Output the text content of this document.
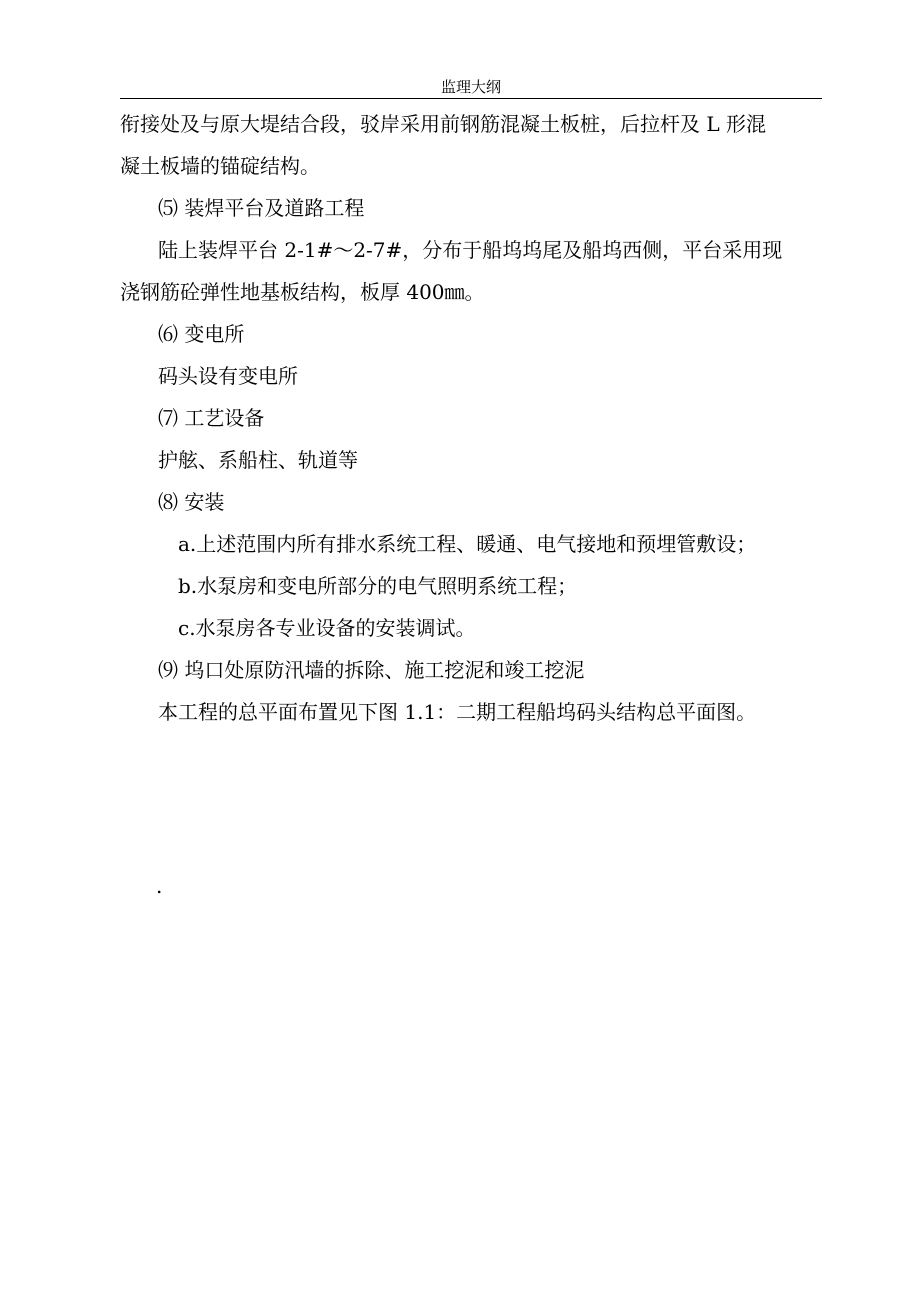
监理大纲
衔接处及与原大堤结合段，驳岸采用前钢筋混凝土板桩，后拉杆及 L 形混
凝土板墙的锚碇结构。
⑸ 装焊平台及道路工程
陆上装焊平台 2-1#～2-7#，分布于船坞坞尾及船坞西侧，平台采用现
浇钢筋砼弹性地基板结构，板厚 400㎜。
⑹ 变电所
码头设有变电所
⑺ 工艺设备
护舷、系船柱、轨道等
⑻ 安装
a.上述范围内所有排水系统工程、暖通、电气接地和预埋管敷设；
b.水泵房和变电所部分的电气照明系统工程；
c.水泵房各专业设备的安装调试。
⑼ 坞口处原防汛墙的拆除、施工挖泥和竣工挖泥
本工程的总平面布置见下图 1.1：二期工程船坞码头结构总平面图。
.
